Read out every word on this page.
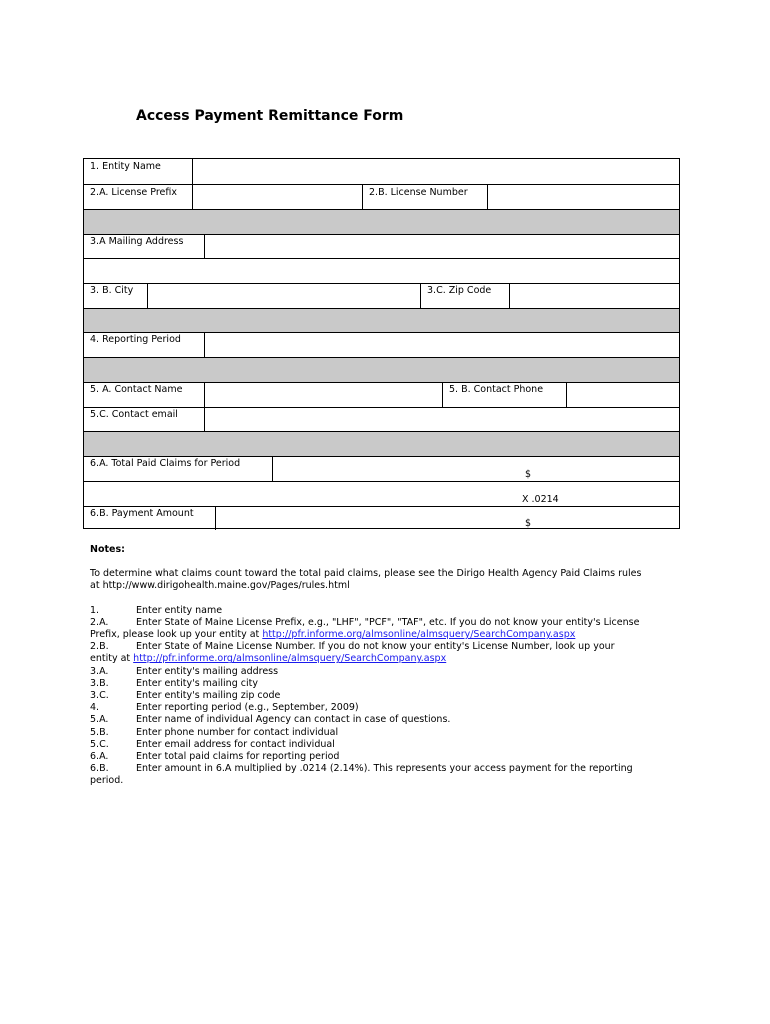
Access Payment Remittance Form
1. Entity Name
2.A. License Prefix	2.B. License Number
3.A Mailing Address
3. B. City	3.C. Zip Code
4. Reporting Period
5. A. Contact Name	5. B. Contact Phone
5.C. Contact email
6.A. Total Paid Claims for Period
$
X .0214
6.B. Payment Amount
$
Notes:
To determine what claims count toward the total paid claims, please see the Dirigo Health Agency Paid Claims rules
at http://www.dirigohealth.maine.gov/Pages/rules.html
1.	Enter entity name
2.A.	Enter State of Maine License Prefix, e.g., "LHF", "PCF", "TAF", etc. If you do not know your entity's License
Prefix, please look up your entity at http://pfr.informe.org/almsonline/almsquery/SearchCompany.aspx
2.B.	Enter State of Maine License Number. If you do not know your entity's License Number, look up your
entity at http://pfr.informe.org/almsonline/almsquery/SearchCompany.aspx
3.A.	Enter entity's mailing address
3.B.	Enter entity's mailing city
3.C.	Enter entity's mailing zip code
4.	Enter reporting period (e.g., September, 2009)
5.A.	Enter name of individual Agency can contact in case of questions.
5.B.	Enter phone number for contact individual
5.C.	Enter email address for contact individual
6.A.	Enter total paid claims for reporting period
6.B.	Enter amount in 6.A multiplied by .0214 (2.14%). This represents your access payment for the reporting
period.
